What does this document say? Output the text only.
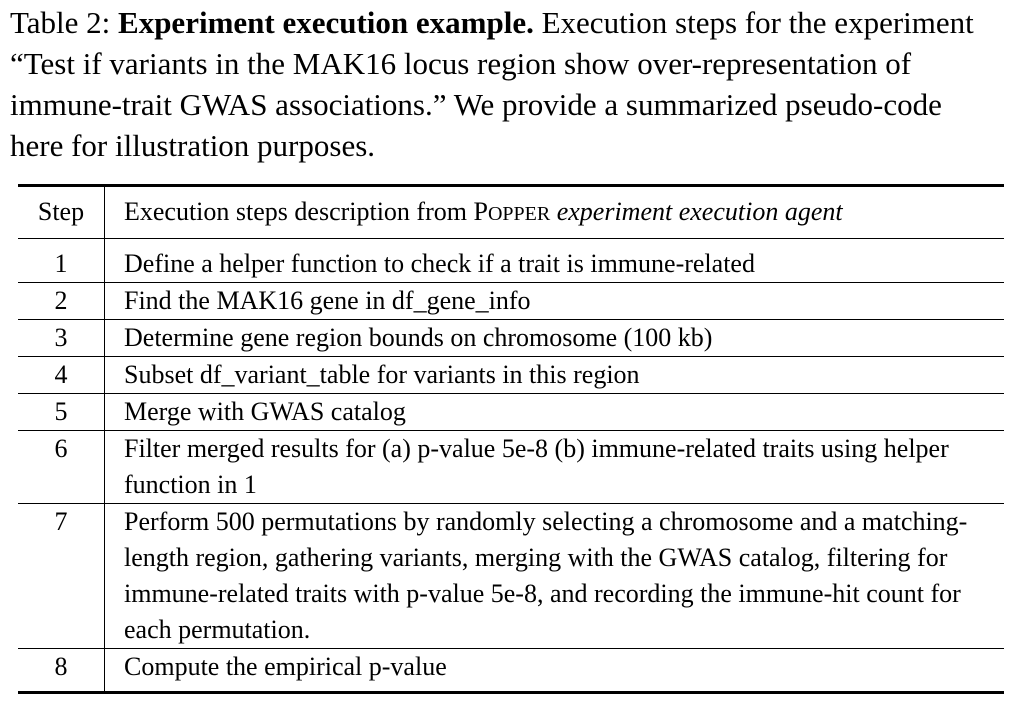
Table 2: Experiment execution example. Execution steps for the experiment “Test if variants in the MAK16 locus region show over-representation of immune-trait GWAS associations.” We provide a summarized pseudo-code here for illustration purposes.
Step	Execution steps description from POPPER experiment execution agent
1	Define a helper function to check if a trait is immune-related
2	Find the MAK16 gene in df_gene_info
3	Determine gene region bounds on chromosome (100 kb)
4	Subset df_variant_table for variants in this region
5	Merge with GWAS catalog
6	Filter merged results for (a) p-value 5e-8 (b) immune-related traits using helper function in 1
7	Perform 500 permutations by randomly selecting a chromosome and a matching-length region, gathering variants, merging with the GWAS catalog, filtering for immune-related traits with p-value 5e-8, and recording the immune-hit count for each permutation.
8	Compute the empirical p-value
